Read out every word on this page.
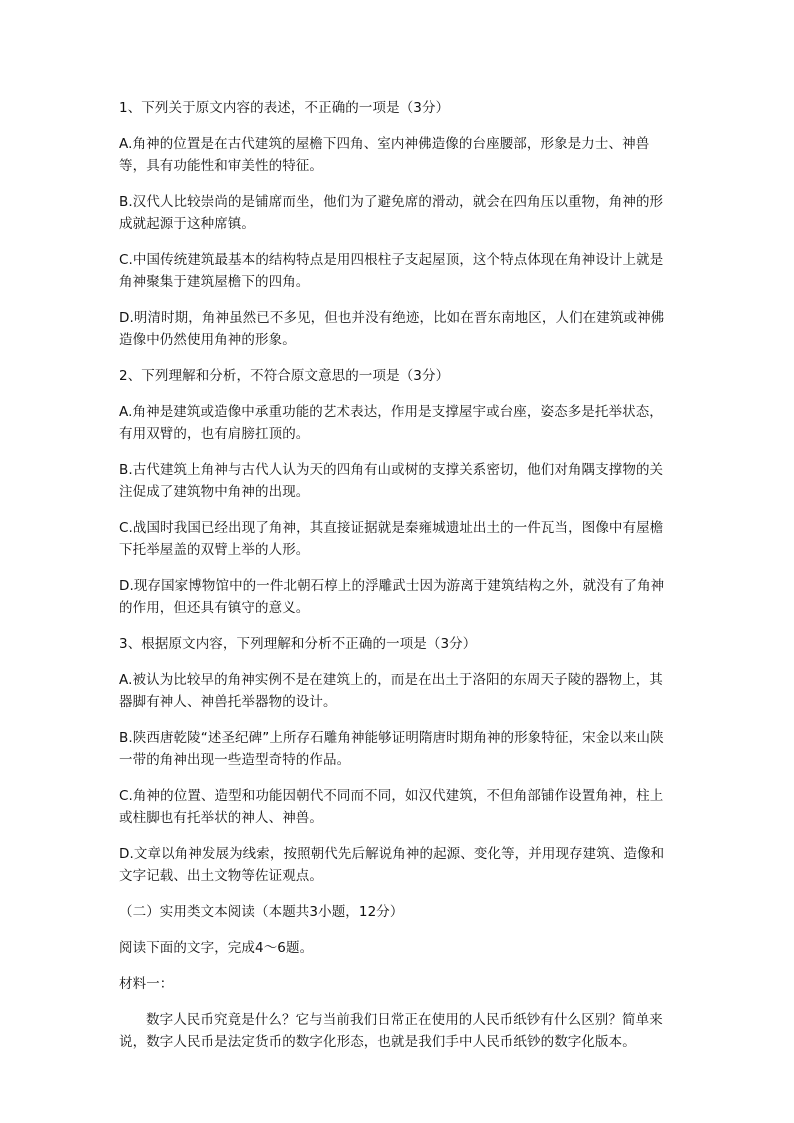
1、下列关于原文内容的表述，不正确的一项是（3分）

A.角神的位置是在古代建筑的屋檐下四角、室内神佛造像的台座腰部，形象是力士、神兽等，具有功能性和审美性的特征。

B.汉代人比较崇尚的是铺席而坐，他们为了避免席的滑动，就会在四角压以重物，角神的形成就起源于这种席镇。

C.中国传统建筑最基本的结构特点是用四根柱子支起屋顶，这个特点体现在角神设计上就是角神聚集于建筑屋檐下的四角。

D.明清时期，角神虽然已不多见，但也并没有绝迹，比如在晋东南地区，人们在建筑或神佛造像中仍然使用角神的形象。

2、下列理解和分析，不符合原文意思的一项是（3分）

A.角神是建筑或造像中承重功能的艺术表达，作用是支撑屋宇或台座，姿态多是托举状态，有用双臂的，也有肩膀扛顶的。

B.古代建筑上角神与古代人认为天的四角有山或树的支撑关系密切，他们对角隅支撑物的关注促成了建筑物中角神的出现。

C.战国时我国已经出现了角神，其直接证据就是秦雍城遗址出土的一件瓦当，图像中有屋檐下托举屋盖的双臂上举的人形。

D.现存国家博物馆中的一件北朝石椁上的浮雕武士因为游离于建筑结构之外，就没有了角神的作用，但还具有镇守的意义。

3、根据原文内容，下列理解和分析不正确的一项是（3分）

A.被认为比较早的角神实例不是在建筑上的，而是在出土于洛阳的东周天子陵的器物上，其器脚有神人、神兽托举器物的设计。

B.陕西唐乾陵“述圣纪碑”上所存石雕角神能够证明隋唐时期角神的形象特征，宋金以来山陕一带的角神出现一些造型奇特的作品。

C.角神的位置、造型和功能因朝代不同而不同，如汉代建筑，不但角部铺作设置角神，柱上或柱脚也有托举状的神人、神兽。

D.文章以角神发展为线索，按照朝代先后解说角神的起源、变化等，并用现存建筑、造像和文字记载、出土文物等佐证观点。

（二）实用类文本阅读（本题共3小题，12分）

阅读下面的文字，完成4～6题。

材料一：

数字人民币究竟是什么？它与当前我们日常正在使用的人民币纸钞有什么区别？简单来说，数字人民币是法定货币的数字化形态，也就是我们手中人民币纸钞的数字化版本。
